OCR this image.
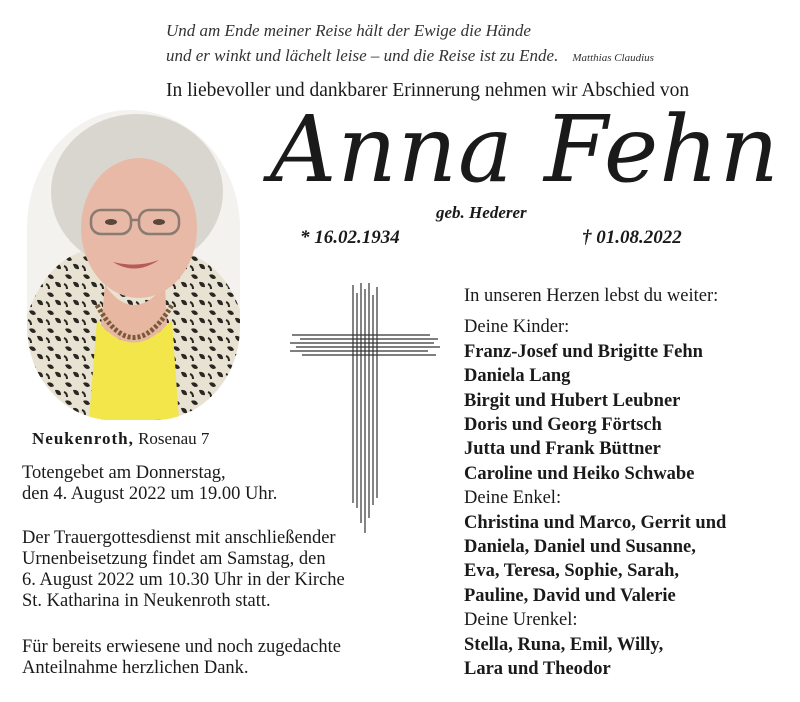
Und am Ende meiner Reise hält der Ewige die Hände
und er winkt und lächelt leise – und die Reise ist zu Ende. Matthias Claudius
In liebevoller und dankbarer Erinnerung nehmen wir Abschied von
Anna Fehn
geb. Hederer
* 16.02.1934	† 01.08.2022
Neukenroth, Rosenau 7
Totengebet am Donnerstag,
den 4. August 2022 um 19.00 Uhr.
Der Trauergottesdienst mit anschließender
Urnenbeisetzung findet am Samstag, den
6. August 2022 um 10.30 Uhr in der Kirche
St. Katharina in Neukenroth statt.
Für bereits erwiesene und noch zugedachte
Anteilnahme herzlichen Dank.
In unseren Herzen lebst du weiter:
Deine Kinder:
Franz-Josef und Brigitte Fehn
Daniela Lang
Birgit und Hubert Leubner
Doris und Georg Förtsch
Jutta und Frank Büttner
Caroline und Heiko Schwabe
Deine Enkel:
Christina und Marco, Gerrit und
Daniela, Daniel und Susanne,
Eva, Teresa, Sophie, Sarah,
Pauline, David und Valerie
Deine Urenkel:
Stella, Runa, Emil, Willy,
Lara und Theodor
